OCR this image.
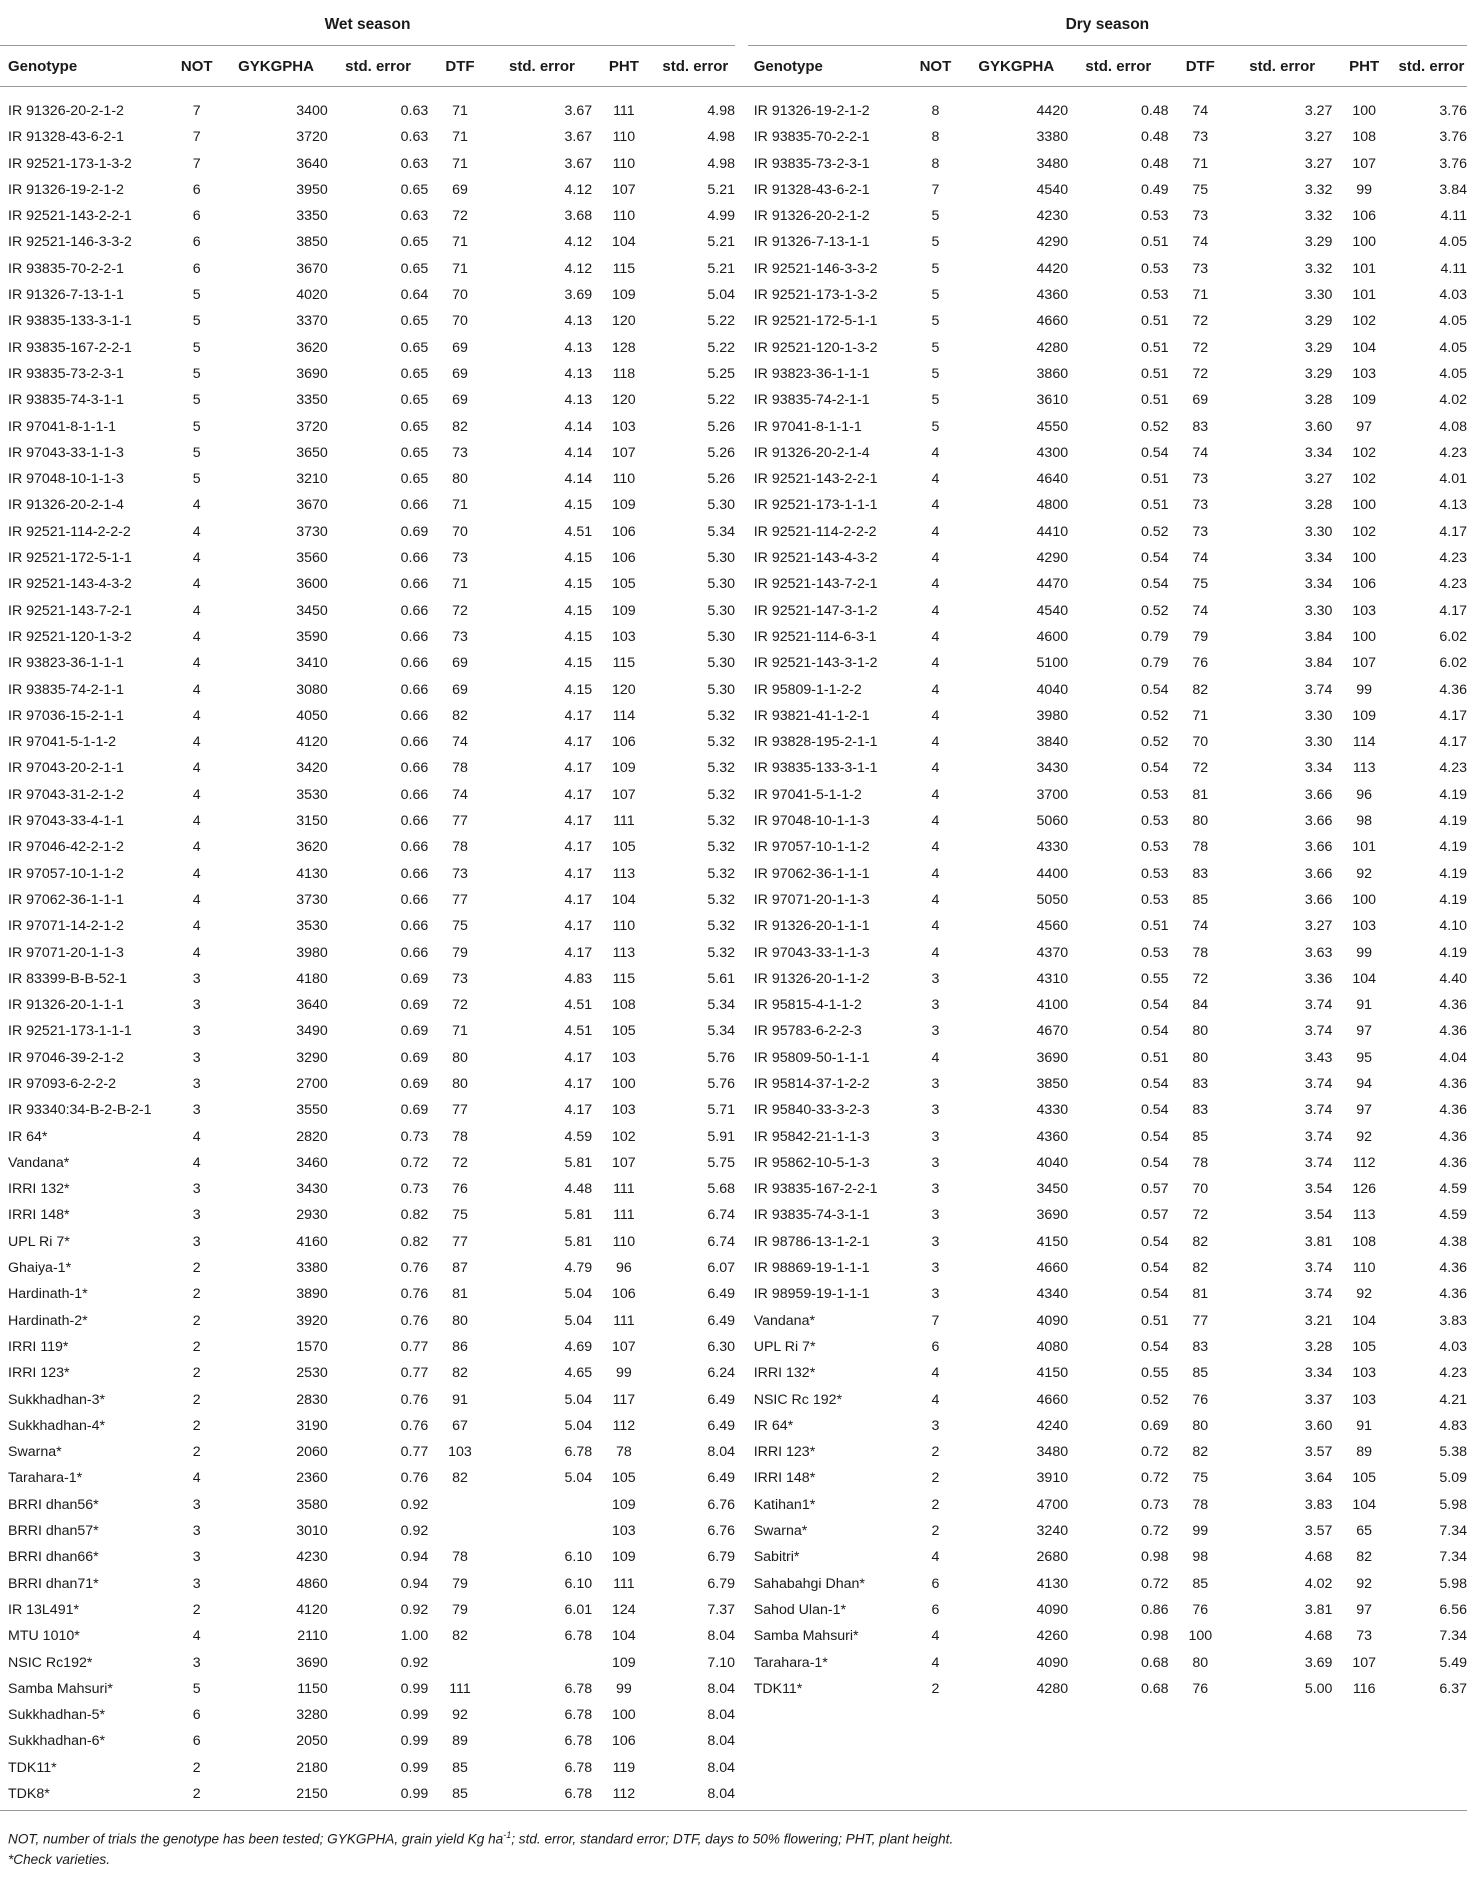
Wet season									Dry season							
Genotype	NOT	GYKGPHA	std. error	DTF	std. error	PHT	std. error		Genotype	NOT	GYKGPHA	std. error	DTF	std. error	PHT	std. error

IR 91326-20-2-1-2	7	3400	0.63	71	3.67	111	4.98		IR 91326-19-2-1-2	8	4420	0.48	74	3.27	100	3.76
IR 91328-43-6-2-1	7	3720	0.63	71	3.67	110	4.98		IR 93835-70-2-2-1	8	3380	0.48	73	3.27	108	3.76
IR 92521-173-1-3-2	7	3640	0.63	71	3.67	110	4.98		IR 93835-73-2-3-1	8	3480	0.48	71	3.27	107	3.76
IR 91326-19-2-1-2	6	3950	0.65	69	4.12	107	5.21		IR 91328-43-6-2-1	7	4540	0.49	75	3.32	99	3.84
IR 92521-143-2-2-1	6	3350	0.63	72	3.68	110	4.99		IR 91326-20-2-1-2	5	4230	0.53	73	3.32	106	4.11
IR 92521-146-3-3-2	6	3850	0.65	71	4.12	104	5.21		IR 91326-7-13-1-1	5	4290	0.51	74	3.29	100	4.05
IR 93835-70-2-2-1	6	3670	0.65	71	4.12	115	5.21		IR 92521-146-3-3-2	5	4420	0.53	73	3.32	101	4.11
IR 91326-7-13-1-1	5	4020	0.64	70	3.69	109	5.04		IR 92521-173-1-3-2	5	4360	0.53	71	3.30	101	4.03
IR 93835-133-3-1-1	5	3370	0.65	70	4.13	120	5.22		IR 92521-172-5-1-1	5	4660	0.51	72	3.29	102	4.05
IR 93835-167-2-2-1	5	3620	0.65	69	4.13	128	5.22		IR 92521-120-1-3-2	5	4280	0.51	72	3.29	104	4.05
IR 93835-73-2-3-1	5	3690	0.65	69	4.13	118	5.25		IR 93823-36-1-1-1	5	3860	0.51	72	3.29	103	4.05
IR 93835-74-3-1-1	5	3350	0.65	69	4.13	120	5.22		IR 93835-74-2-1-1	5	3610	0.51	69	3.28	109	4.02
IR 97041-8-1-1-1	5	3720	0.65	82	4.14	103	5.26		IR 97041-8-1-1-1	5	4550	0.52	83	3.60	97	4.08
IR 97043-33-1-1-3	5	3650	0.65	73	4.14	107	5.26		IR 91326-20-2-1-4	4	4300	0.54	74	3.34	102	4.23
IR 97048-10-1-1-3	5	3210	0.65	80	4.14	110	5.26		IR 92521-143-2-2-1	4	4640	0.51	73	3.27	102	4.01
IR 91326-20-2-1-4	4	3670	0.66	71	4.15	109	5.30		IR 92521-173-1-1-1	4	4800	0.51	73	3.28	100	4.13
IR 92521-114-2-2-2	4	3730	0.69	70	4.51	106	5.34		IR 92521-114-2-2-2	4	4410	0.52	73	3.30	102	4.17
IR 92521-172-5-1-1	4	3560	0.66	73	4.15	106	5.30		IR 92521-143-4-3-2	4	4290	0.54	74	3.34	100	4.23
IR 92521-143-4-3-2	4	3600	0.66	71	4.15	105	5.30		IR 92521-143-7-2-1	4	4470	0.54	75	3.34	106	4.23
IR 92521-143-7-2-1	4	3450	0.66	72	4.15	109	5.30		IR 92521-147-3-1-2	4	4540	0.52	74	3.30	103	4.17
IR 92521-120-1-3-2	4	3590	0.66	73	4.15	103	5.30		IR 92521-114-6-3-1	4	4600	0.79	79	3.84	100	6.02
IR 93823-36-1-1-1	4	3410	0.66	69	4.15	115	5.30		IR 92521-143-3-1-2	4	5100	0.79	76	3.84	107	6.02
IR 93835-74-2-1-1	4	3080	0.66	69	4.15	120	5.30		IR 95809-1-1-2-2	4	4040	0.54	82	3.74	99	4.36
IR 97036-15-2-1-1	4	4050	0.66	82	4.17	114	5.32		IR 93821-41-1-2-1	4	3980	0.52	71	3.30	109	4.17
IR 97041-5-1-1-2	4	4120	0.66	74	4.17	106	5.32		IR 93828-195-2-1-1	4	3840	0.52	70	3.30	114	4.17
IR 97043-20-2-1-1	4	3420	0.66	78	4.17	109	5.32		IR 93835-133-3-1-1	4	3430	0.54	72	3.34	113	4.23
IR 97043-31-2-1-2	4	3530	0.66	74	4.17	107	5.32		IR 97041-5-1-1-2	4	3700	0.53	81	3.66	96	4.19
IR 97043-33-4-1-1	4	3150	0.66	77	4.17	111	5.32		IR 97048-10-1-1-3	4	5060	0.53	80	3.66	98	4.19
IR 97046-42-2-1-2	4	3620	0.66	78	4.17	105	5.32		IR 97057-10-1-1-2	4	4330	0.53	78	3.66	101	4.19
IR 97057-10-1-1-2	4	4130	0.66	73	4.17	113	5.32		IR 97062-36-1-1-1	4	4400	0.53	83	3.66	92	4.19
IR 97062-36-1-1-1	4	3730	0.66	77	4.17	104	5.32		IR 97071-20-1-1-3	4	5050	0.53	85	3.66	100	4.19
IR 97071-14-2-1-2	4	3530	0.66	75	4.17	110	5.32		IR 91326-20-1-1-1	4	4560	0.51	74	3.27	103	4.10
IR 97071-20-1-1-3	4	3980	0.66	79	4.17	113	5.32		IR 97043-33-1-1-3	4	4370	0.53	78	3.63	99	4.19
IR 83399-B-B-52-1	3	4180	0.69	73	4.83	115	5.61		IR 91326-20-1-1-2	3	4310	0.55	72	3.36	104	4.40
IR 91326-20-1-1-1	3	3640	0.69	72	4.51	108	5.34		IR 95815-4-1-1-2	3	4100	0.54	84	3.74	91	4.36
IR 92521-173-1-1-1	3	3490	0.69	71	4.51	105	5.34		IR 95783-6-2-2-3	3	4670	0.54	80	3.74	97	4.36
IR 97046-39-2-1-2	3	3290	0.69	80	4.17	103	5.76		IR 95809-50-1-1-1	4	3690	0.51	80	3.43	95	4.04
IR 97093-6-2-2-2	3	2700	0.69	80	4.17	100	5.76		IR 95814-37-1-2-2	3	3850	0.54	83	3.74	94	4.36
IR 93340:34-B-2-B-2-1	3	3550	0.69	77	4.17	103	5.71		IR 95840-33-3-2-3	3	4330	0.54	83	3.74	97	4.36
IR 64*	4	2820	0.73	78	4.59	102	5.91		IR 95842-21-1-1-3	3	4360	0.54	85	3.74	92	4.36
Vandana*	4	3460	0.72	72	5.81	107	5.75		IR 95862-10-5-1-3	3	4040	0.54	78	3.74	112	4.36
IRRI 132*	3	3430	0.73	76	4.48	111	5.68		IR 93835-167-2-2-1	3	3450	0.57	70	3.54	126	4.59
IRRI 148*	3	2930	0.82	75	5.81	111	6.74		IR 93835-74-3-1-1	3	3690	0.57	72	3.54	113	4.59
UPL Ri 7*	3	4160	0.82	77	5.81	110	6.74		IR 98786-13-1-2-1	3	4150	0.54	82	3.81	108	4.38
Ghaiya-1*	2	3380	0.76	87	4.79	96	6.07		IR 98869-19-1-1-1	3	4660	0.54	82	3.74	110	4.36
Hardinath-1*	2	3890	0.76	81	5.04	106	6.49		IR 98959-19-1-1-1	3	4340	0.54	81	3.74	92	4.36
Hardinath-2*	2	3920	0.76	80	5.04	111	6.49		Vandana*	7	4090	0.51	77	3.21	104	3.83
IRRI 119*	2	1570	0.77	86	4.69	107	6.30		UPL Ri 7*	6	4080	0.54	83	3.28	105	4.03
IRRI 123*	2	2530	0.77	82	4.65	99	6.24		IRRI 132*	4	4150	0.55	85	3.34	103	4.23
Sukkhadhan-3*	2	2830	0.76	91	5.04	117	6.49		NSIC Rc 192*	4	4660	0.52	76	3.37	103	4.21
Sukkhadhan-4*	2	3190	0.76	67	5.04	112	6.49		IR 64*	3	4240	0.69	80	3.60	91	4.83
Swarna*	2	2060	0.77	103	6.78	78	8.04		IRRI 123*	2	3480	0.72	82	3.57	89	5.38
Tarahara-1*	4	2360	0.76	82	5.04	105	6.49		IRRI 148*	2	3910	0.72	75	3.64	105	5.09
BRRI dhan56*	3	3580	0.92			109	6.76		Katihan1*	2	4700	0.73	78	3.83	104	5.98
BRRI dhan57*	3	3010	0.92			103	6.76		Swarna*	2	3240	0.72	99	3.57	65	7.34
BRRI dhan66*	3	4230	0.94	78	6.10	109	6.79		Sabitri*	4	2680	0.98	98	4.68	82	7.34
BRRI dhan71*	3	4860	0.94	79	6.10	111	6.79		Sahabahgi Dhan*	6	4130	0.72	85	4.02	92	5.98
IR 13L491*	2	4120	0.92	79	6.01	124	7.37		Sahod Ulan-1*	6	4090	0.86	76	3.81	97	6.56
MTU 1010*	4	2110	1.00	82	6.78	104	8.04		Samba Mahsuri*	4	4260	0.98	100	4.68	73	7.34
NSIC Rc192*	3	3690	0.92			109	7.10		Tarahara-1*	4	4090	0.68	80	3.69	107	5.49
Samba Mahsuri*	5	1150	0.99	111	6.78	99	8.04		TDK11*	2	4280	0.68	76	5.00	116	6.37
Sukkhadhan-5*	6	3280	0.99	92	6.78	100	8.04									
Sukkhadhan-6*	6	2050	0.99	89	6.78	106	8.04									
TDK11*	2	2180	0.99	85	6.78	119	8.04									
TDK8*	2	2150	0.99	85	6.78	112	8.04									
NOT, number of trials the genotype has been tested; GYKGPHA, grain yield Kg $ha^{-1}$; std. error, standard error; DTF, days to 50% flowering; PHT, plant height.
*Check varieties.
